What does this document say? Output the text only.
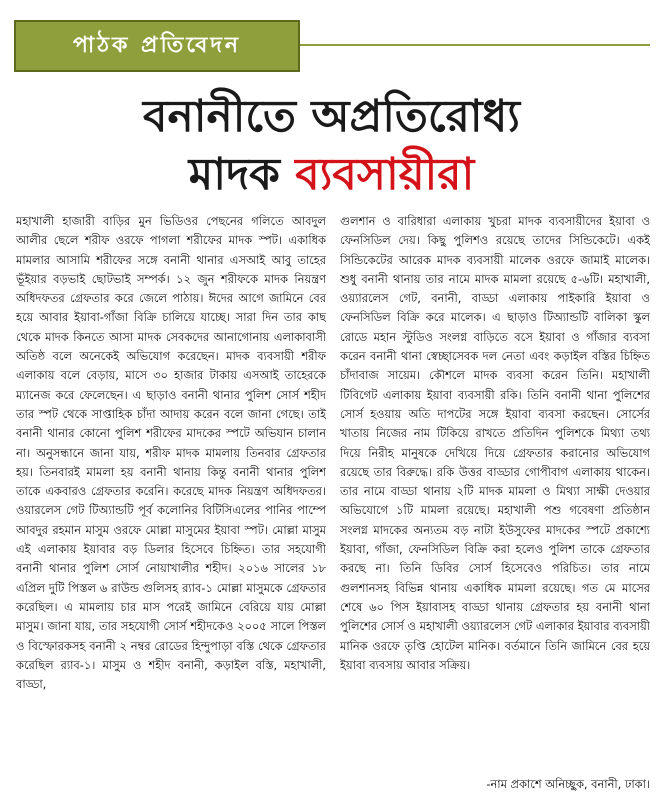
পাঠক প্রতিবেদন
বনানীতে অপ্রতিরোধ্য
মাদক ব্যবসায়ীরা
মহাখালী হাজারী বাড়ির মুন ভিডিওর পেছনের গলিতে আবদুল আলীর ছেলে শরীফ ওরফে পাগলা শরীফের মাদক স্পট। একাধিক মামলার আসামি শরীফের সঙ্গে বনানী থানার এসআই আবু তাহের ভূঁইয়ার বড়ভাই ছোটভাই সম্পর্ক। ১২ জুন শরীফকে মাদক নিয়ন্ত্রণ অধিদফতর গ্রেফতার করে জেলে পাঠায়। ঈদের আগে জামিনে বের হয়ে আবার ইয়াবা-গাঁজা বিক্রি চালিয়ে যাচ্ছে। সারা দিন তার কাছ থেকে মাদক কিনতে আসা মাদক সেবকদের আনাগোনায় এলাকাবাসী অতিষ্ঠ বলে অনেকেই অভিযোগ করেছেন। মাদক ব্যবসায়ী শরীফ এলাকায় বলে বেড়ায়, মাসে ৩০ হাজার টাকায় এসআই তাহেরকে ম্যানেজ করে ফেলেছেন। এ ছাড়াও বনানী থানার পুলিশ সোর্স শহীদ তার স্পট থেকে সাপ্তাহিক চাঁদা আদায় করেন বলে জানা গেছে। তাই বনানী থানার কোনো পুলিশ শরীফের মাদকের স্পটে অভিযান চালান না। অনুসন্ধানে জানা যায়, শরীফ মাদক মামলায় তিনবার গ্রেফতার হয়। তিনবারই মামলা হয় বনানী থানায় কিন্তু বনানী থানার পুলিশ তাকে একবারও গ্রেফতার করেনি। করেছে মাদক নিয়ন্ত্রণ অধিদফতর। ওয়ারলেস গেট টিঅ্যান্ডটি পূর্ব কলোনির বিটিসিএলের পানির পাম্পে আবদুর রহমান মাসুম ওরফে মোল্লা মাসুমের ইয়াবা স্পট। মোল্লা মাসুম এই এলাকায় ইয়াবার বড় ডিলার হিসেবে চিহ্নিত। তার সহযোগী বনানী থানার পুলিশ সোর্স নোয়াখালীর শহীদ। ২০১৬ সালের ১৮ এপ্রিল দুটি পিস্তল ৬ রাউন্ড গুলিসহ র‍্যাব-১ মোল্লা মাসুমকে গ্রেফতার করেছিল। এ মামলায় চার মাস পরেই জামিনে বেরিয়ে যায় মোল্লা মাসুম। জানা যায়, তার সহযোগী সোর্স শহীদকেও ২০০৫ সালে পিস্তল ও বিস্ফোরকসহ বনানী ২ নম্বর রোডের হিন্দুপাড়া বস্তি থেকে গ্রেফতার করেছিল র‍্যাব-১। মাসুম ও শহীদ বনানী, কড়াইল বস্তি, মহাখালী, বাড্ডা,
গুলশান ও বারিধারা এলাকায় খুচরা মাদক ব্যবসায়ীদের ইয়াবা ও ফেনসিডিল দেয়। কিছু পুলিশও রয়েছে তাদের সিন্ডিকেটে। একই সিন্ডিকেটের আরেক মাদক ব্যবসায়ী মালেক ওরফে জামাই মালেক। শুধু বনানী থানায় তার নামে মাদক মামলা রয়েছে ৫-৬টি। মহাখালী, ওয়্যারলেস গেট, বনানী, বাড্ডা এলাকায় পাইকারি ইয়াবা ও ফেনসিডিল বিক্রি করে মালেক। এ ছাড়াও টিঅ্যান্ডটি বালিকা স্কুল রোডে মহান স্টুডিও সংলগ্ন বাড়িতে বসে ইয়াবা ও গাঁজার ব্যবসা করেন বনানী থানা স্বেচ্ছাসেবক দল নেতা এবং কড়াইল বস্তির চিহ্নিত চাঁদাবাজ সায়েম। কৌশলে মাদক ব্যবসা করেন তিনি। মহাখালী টিবিগেট এলাকায় ইয়াবা ব্যবসায়ী রকি। তিনি বনানী থানা পুলিশের সোর্স হওয়ায় অতি দাপটের সঙ্গে ইয়াবা ব্যবসা করছেন। সোর্সের খাতায় নিজের নাম টিকিয়ে রাখতে প্রতিদিন পুলিশকে মিথ্যা তথ্য দিয়ে নিরীহ মানুষকে দেখিয়ে দিয়ে গ্রেফতার করানোর অভিযোগ রয়েছে তার বিরুদ্ধে। রকি উত্তর বাড্ডার গোপীবাগ এলাকায় থাকেন। তার নামে বাড্ডা থানায় ২টি মাদক মামলা ও মিথ্যা সাক্ষী দেওয়ার অভিযোগে ১টি মামলা রয়েছে। মহাখালী পশু গবেষণা প্রতিষ্ঠান সংলগ্ন মাদকের অন্যতম বড় নাটা ইউসুফের মাদকের স্পটে প্রকাশ্যে ইয়াবা, গাঁজা, ফেনসিডিল বিক্রি করা হলেও পুলিশ তাকে গ্রেফতার করছে না। তিনি ডিবির সোর্স হিসেবেও পরিচিত। তার নামে গুলশানসহ বিভিন্ন থানায় একাধিক মামলা রয়েছে। গত মে মাসের শেষে ৬০ পিস ইয়াবাসহ বাড্ডা থানায় গ্রেফতার হয় বনানী থানা পুলিশের সোর্স ও মহাখালী ওয়্যারলেস গেট এলাকার ইয়াবার ব্যবসায়ী মানিক ওরফে তৃপ্তি হোটেল মানিক। বর্তমানে তিনি জামিনে বের হয়ে ইয়াবা ব্যবসায় আবার সক্রিয়।
-নাম প্রকাশে অনিচ্ছুক, বনানী, ঢাকা।
